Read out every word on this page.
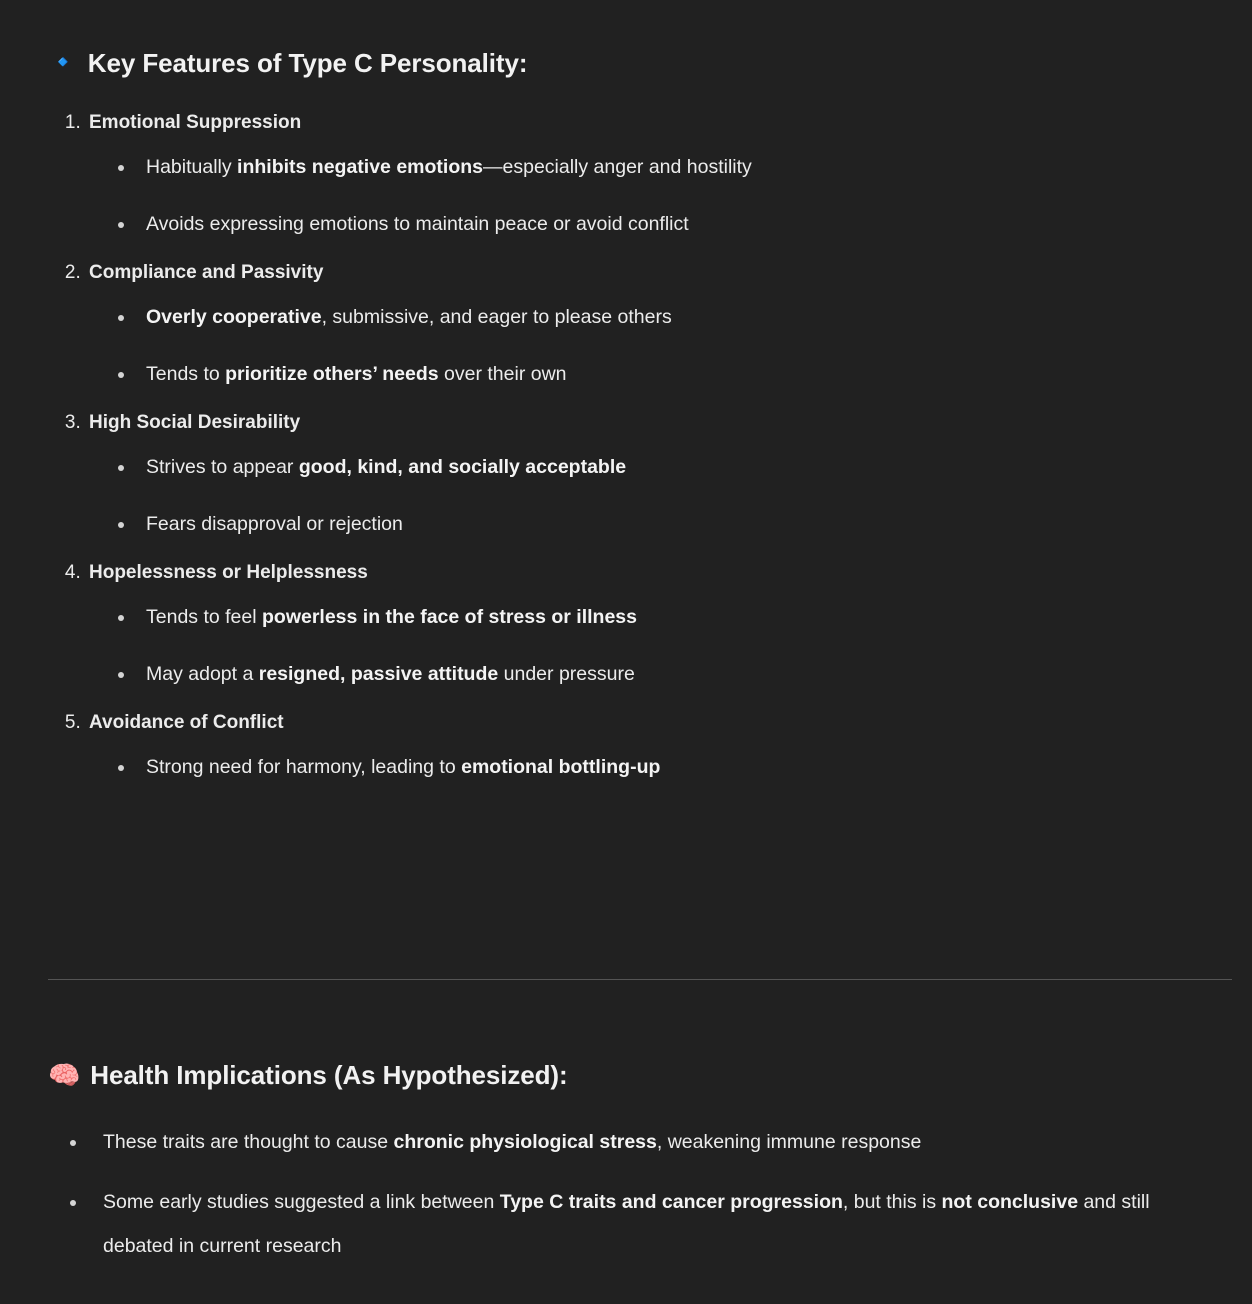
🔹 Key Features of Type C Personality:
1. Emotional Suppression
Habitually inhibits negative emotions—especially anger and hostility
Avoids expressing emotions to maintain peace or avoid conflict
2. Compliance and Passivity
Overly cooperative, submissive, and eager to please others
Tends to prioritize others’ needs over their own
3. High Social Desirability
Strives to appear good, kind, and socially acceptable
Fears disapproval or rejection
4. Hopelessness or Helplessness
Tends to feel powerless in the face of stress or illness
May adopt a resigned, passive attitude under pressure
5. Avoidance of Conflict
Strong need for harmony, leading to emotional bottling-up
🧠 Health Implications (As Hypothesized):
These traits are thought to cause chronic physiological stress, weakening immune response
Some early studies suggested a link between Type C traits and cancer progression, but this is not conclusive and still debated in current research
